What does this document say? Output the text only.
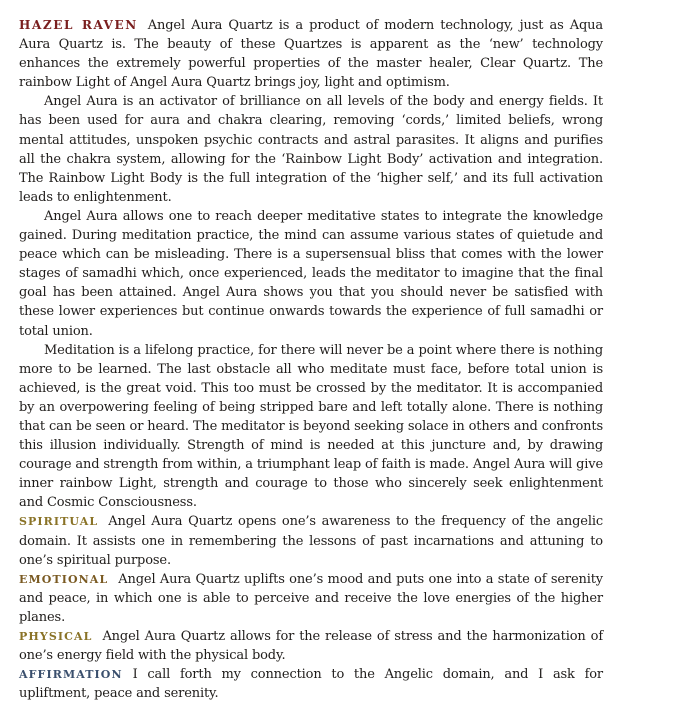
HAZEL RAVEN Angel Aura Quartz is a product of modern technology, just as Aqua Aura Quartz is. The beauty of these Quartzes is apparent as the ‘new’ technology enhances the extremely powerful properties of the master healer, Clear Quartz. The rainbow Light of Angel Aura Quartz brings joy, light and optimism.

Angel Aura is an activator of brilliance on all levels of the body and energy fields. It has been used for aura and chakra clearing, removing ‘cords,’ limited beliefs, wrong mental attitudes, unspoken psychic contracts and astral parasites. It aligns and purifies all the chakra system, allowing for the ‘Rainbow Light Body’ activation and integration. The Rainbow Light Body is the full integration of the ‘higher self,’ and its full activation leads to enlightenment.

Angel Aura allows one to reach deeper meditative states to integrate the knowledge gained. During meditation practice, the mind can assume various states of quietude and peace which can be misleading. There is a supersensual bliss that comes with the lower stages of samadhi which, once experienced, leads the meditator to imagine that the final goal has been attained. Angel Aura shows you that you should never be satisfied with these lower experiences but continue onwards towards the experience of full samadhi or total union.

Meditation is a lifelong practice, for there will never be a point where there is nothing more to be learned. The last obstacle all who meditate must face, before total union is achieved, is the great void. This too must be crossed by the meditator. It is accompanied by an overpowering feeling of being stripped bare and left totally alone. There is nothing that can be seen or heard. The meditator is beyond seeking solace in others and confronts this illusion individually. Strength of mind is needed at this juncture and, by drawing courage and strength from within, a triumphant leap of faith is made. Angel Aura will give inner rainbow Light, strength and courage to those who sincerely seek enlightenment and Cosmic Consciousness.

SPIRITUAL Angel Aura Quartz opens one’s awareness to the frequency of the angelic domain. It assists one in remembering the lessons of past incarnations and attuning to one’s spiritual purpose.

EMOTIONAL Angel Aura Quartz uplifts one’s mood and puts one into a state of serenity and peace, in which one is able to perceive and receive the love energies of the higher planes.

PHYSICAL Angel Aura Quartz allows for the release of stress and the harmonization of one’s energy field with the physical body.

AFFIRMATION I call forth my connection to the Angelic domain, and I ask for upliftment, peace and serenity.
